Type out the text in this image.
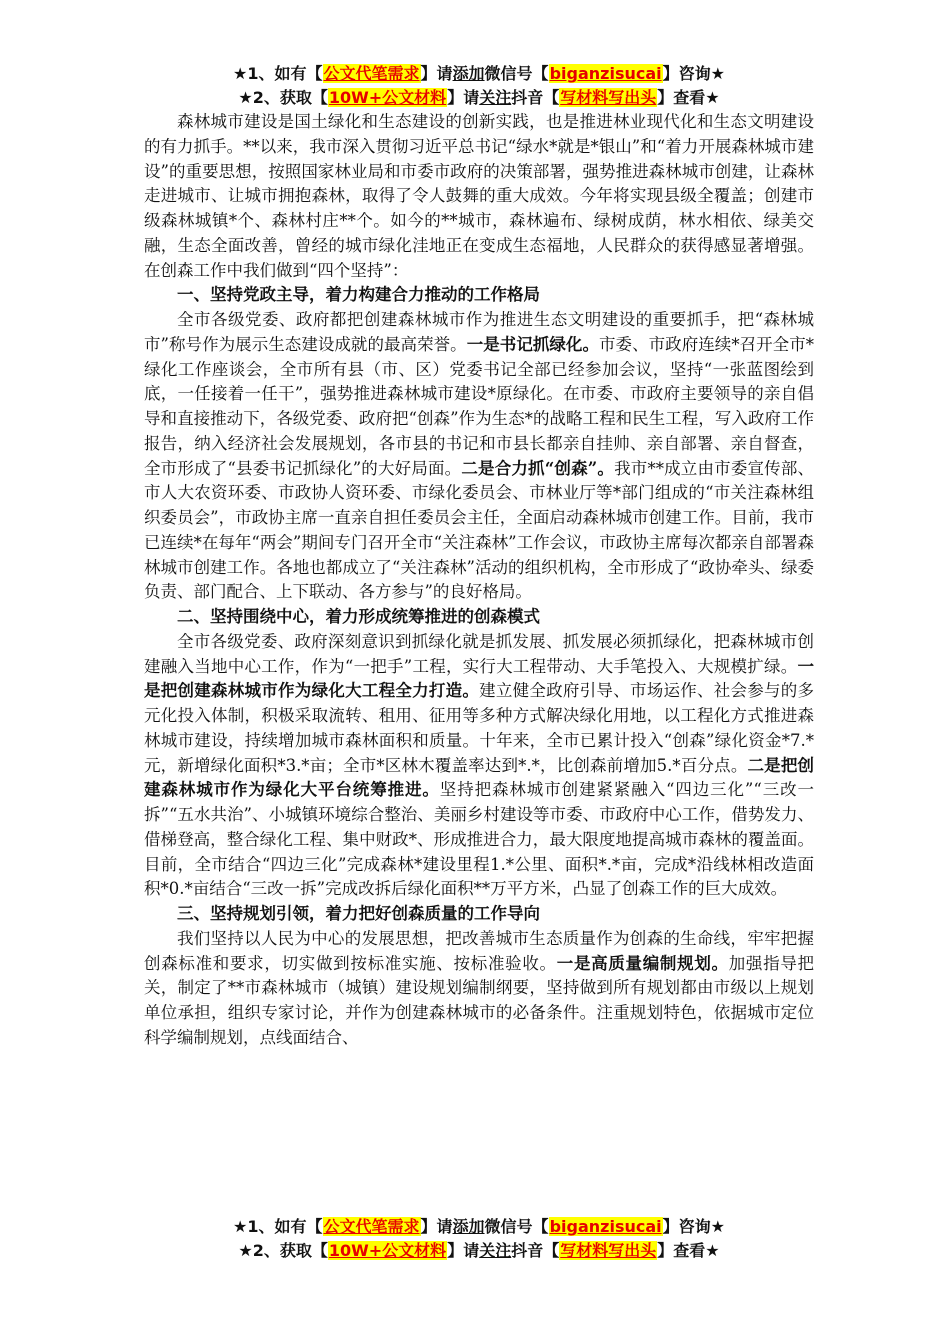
★1、如有【公文代笔需求】请添加微信号【biganzisucai】咨询★
★2、获取【10W+公文材料】请关注抖音【写材料写出头】查看★

森林城市建设是国土绿化和生态建设的创新实践，也是推进林业现代化和生态文明建设的有力抓手。**以来，我市深入贯彻习近平总书记“绿水*就是*银山”和“着力开展森林城市建设”的重要思想，按照国家林业局和市委市政府的决策部署，强势推进森林城市创建，让森林走进城市、让城市拥抱森林，取得了令人鼓舞的重大成效。今年将实现县级全覆盖；创建市级森林城镇*个、森林村庄**个。如今的**城市，森林遍布、绿树成荫，林水相依、绿美交融，生态全面改善，曾经的城市绿化洼地正在变成生态福地，人民群众的获得感显著增强。在创森工作中我们做到“四个坚持”：

一、坚持党政主导，着力构建合力推动的工作格局

全市各级党委、政府都把创建森林城市作为推进生态文明建设的重要抓手，把“森林城市”称号作为展示生态建设成就的最高荣誉。一是书记抓绿化。市委、市政府连续*召开全市*绿化工作座谈会，全市所有县（市、区）党委书记全部已经参加会议，坚持“一张蓝图绘到底，一任接着一任干”，强势推进森林城市建设*原绿化。在市委、市政府主要领导的亲自倡导和直接推动下，各级党委、政府把“创森”作为生态*的战略工程和民生工程，写入政府工作报告，纳入经济社会发展规划，各市县的书记和市县长都亲自挂帅、亲自部署、亲自督查，全市形成了“县委书记抓绿化”的大好局面。二是合力抓“创森”。我市**成立由市委宣传部、市人大农资环委、市政协人资环委、市绿化委员会、市林业厅等*部门组成的“市关注森林组织委员会”，市政协主席一直亲自担任委员会主任，全面启动森林城市创建工作。目前，我市已连续*在每年“两会”期间专门召开全市“关注森林”工作会议，市政协主席每次都亲自部署森林城市创建工作。各地也都成立了“关注森林”活动的组织机构，全市形成了“政协牵头、绿委负责、部门配合、上下联动、各方参与”的良好格局。

二、坚持围绕中心，着力形成统筹推进的创森模式

全市各级党委、政府深刻意识到抓绿化就是抓发展、抓发展必须抓绿化，把森林城市创建融入当地中心工作，作为“一把手”工程，实行大工程带动、大手笔投入、大规模扩绿。一是把创建森林城市作为绿化大工程全力打造。建立健全政府引导、市场运作、社会参与的多元化投入体制，积极采取流转、租用、征用等多种方式解决绿化用地，以工程化方式推进森林城市建设，持续增加城市森林面积和质量。十年来，全市已累计投入“创森”绿化资金*7.*元，新增绿化面积*3.*亩；全市*区林木覆盖率达到*.*，比创森前增加5.*百分点。二是把创建森林城市作为绿化大平台统筹推进。坚持把森林城市创建紧紧融入“四边三化”“三改一拆”“五水共治”、小城镇环境综合整治、美丽乡村建设等市委、市政府中心工作，借势发力、借梯登高，整合绿化工程、集中财政*、形成推进合力，最大限度地提高城市森林的覆盖面。目前，全市结合“四边三化”完成森林*建设里程1.*公里、面积*.*亩，完成*沿线林相改造面积*0.*亩结合“三改一拆”完成改拆后绿化面积**万平方米，凸显了创森工作的巨大成效。

三、坚持规划引领，着力把好创森质量的工作导向

我们坚持以人民为中心的发展思想，把改善城市生态质量作为创森的生命线，牢牢把握创森标准和要求，切实做到按标准实施、按标准验收。一是高质量编制规划。加强指导把关，制定了**市森林城市（城镇）建设规划编制纲要，坚持做到所有规划都由市级以上规划单位承担，组织专家讨论，并作为创建森林城市的必备条件。注重规划特色，依据城市定位科学编制规划，点线面结合、

★1、如有【公文代笔需求】请添加微信号【biganzisucai】咨询★
★2、获取【10W+公文材料】请关注抖音【写材料写出头】查看★
